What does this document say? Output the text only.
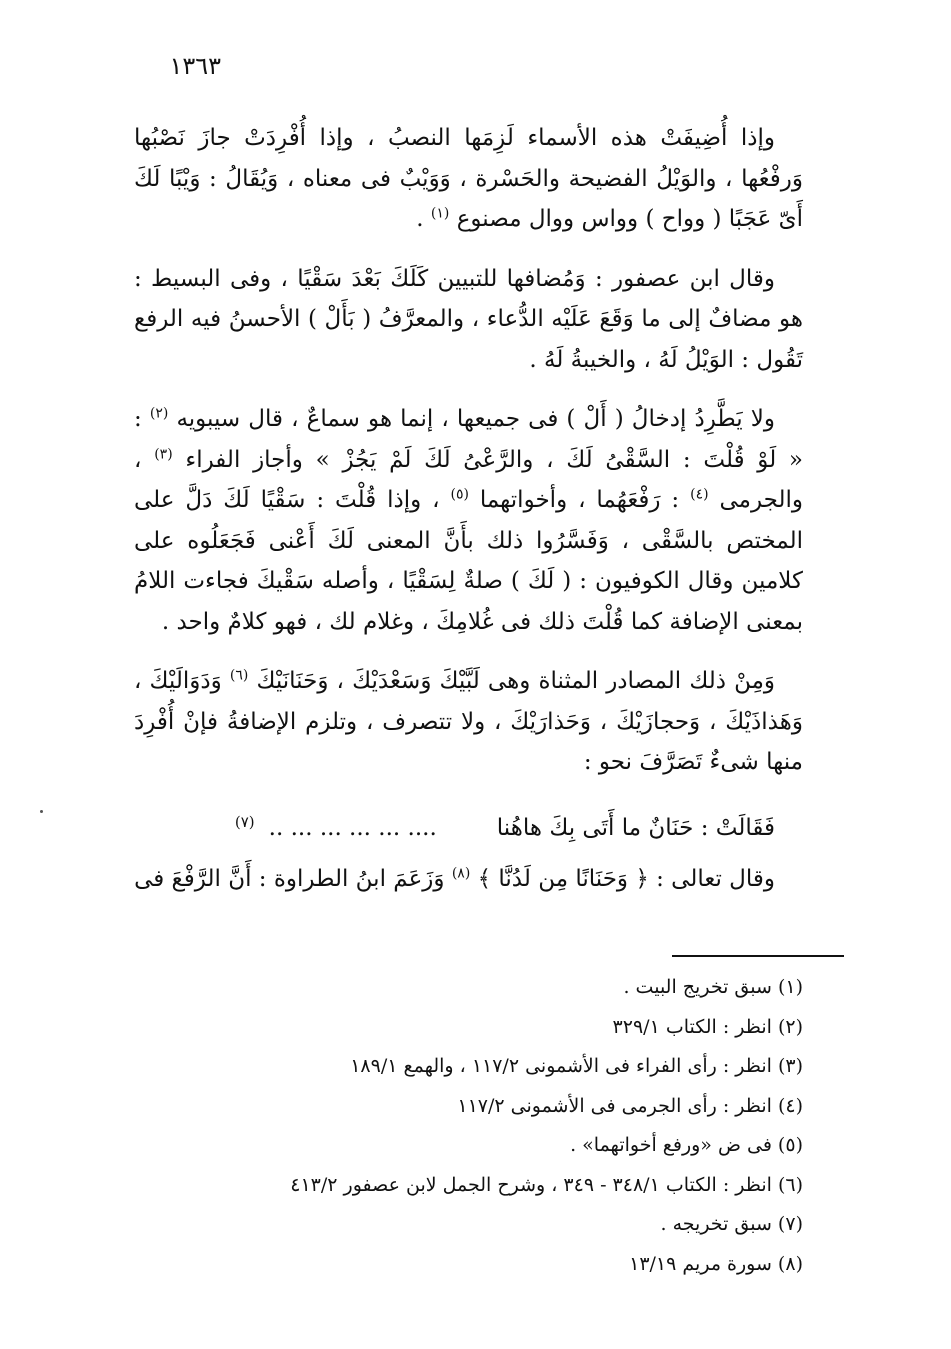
١٣٦٣

وإذا أُضِيفَتْ هذه الأسماء لَزِمَها النصبُ ، وإذا أُفْرِدَتْ جازَ نَصْبُها وَرفْعُها ، والوَيْلُ الفضيحة والحَسْرة ، وَوَيْبٌ فى معناه ، وَيُقَالُ : وَيْبًا لَكَ أَىّ عَجَبًا ( وواح ) وواس ووال مصنوع $^{(١)}$ .

وقال ابن عصفور : وَمُضافها للتبيين كَلَكَ بَعْدَ سَقْيًا ، وفى البسيط : هو مضافٌ إلى ما وَقَعَ عَلَيْه الدُّعاء ، والمعرَّفُ ( بَأَلْ ) الأحسنُ فيه الرفع تَقُول : الوَيْلُ لَهُ ، والخيبةُ لَهُ .

ولا يَطَّرِدُ إدخالُ ( أَلْ ) فى جميعها ، إنما هو سماعٌ ، قال سيبويه $^{(٢)}$ : « لَوْ قُلْتَ : السَّقْىُ لَكَ ، والرَّعْىُ لَكَ لَمْ يَجُزْ » وأجاز الفراء $^{(٣)}$ ، والجرمى $^{(٤)}$ : رَفْعَهُما ، وأخواتهما $^{(٥)}$ ، وإذا قُلْتَ : سَقْيًا لَكَ دَلَّ على المختص بالسَّقْى ، وَفَسَّرُوا ذلك بأَنَّ المعنى لَكَ أَعْنى فَجَعَلُوه على كلامين وقال الكوفيون : ( لَكَ ) صلةٌ لِسَقْيًا ، وأصله سَقْيكَ فجاءت اللامُ بمعنى الإضافة كما قُلْتَ ذلك فى غُلامِكَ ، وغلام لك ، فهو كلامٌ واحد .

وَمِنْ ذلك المصادر المثناة وهى لَبَّيْكَ وَسَعْدَيْكَ ، وَحَنَانَيْكَ $^{(٦)}$ وَدَوَالَيْكَ ، وَهَذاذَيْكَ ، وَحجازَيْكَ ، وَحَذارَيْكَ ، ولا تتصرف ، وتلزم الإضافةُ فإنْ أُفْرِدَ منها شىءٌ تَصَرَّفَ نحو :

فَقَالَتْ : حَنَانٌ ما أَتَى بِكَ هاهُنا.... ... ... ... ... ..$^{(٧)}$

وقال تعالى : ﴿ وَحَنَانًا مِن لَدُنَّا ﴾ $^{(٨)}$ وَزَعَمَ ابنُ الطراوة : أَنَّ الرَّفْعَ فى

(١) سبق تخريج البيت .
(٢) انظر : الكتاب ٣٢٩/١
(٣) انظر : رأى الفراء فى الأشمونى ١١٧/٢ ، والهمع ١٨٩/١
(٤) انظر : رأى الجرمى فى الأشمونى ١١٧/٢
(٥) فى ض «ورفع أخواتهما» .
(٦) انظر : الكتاب ٣٤٨/١ - ٣٤٩ ، وشرح الجمل لابن عصفور ٤١٣/٢
(٧) سبق تخريجه .
(٨) سورة مريم ١٣/١٩
